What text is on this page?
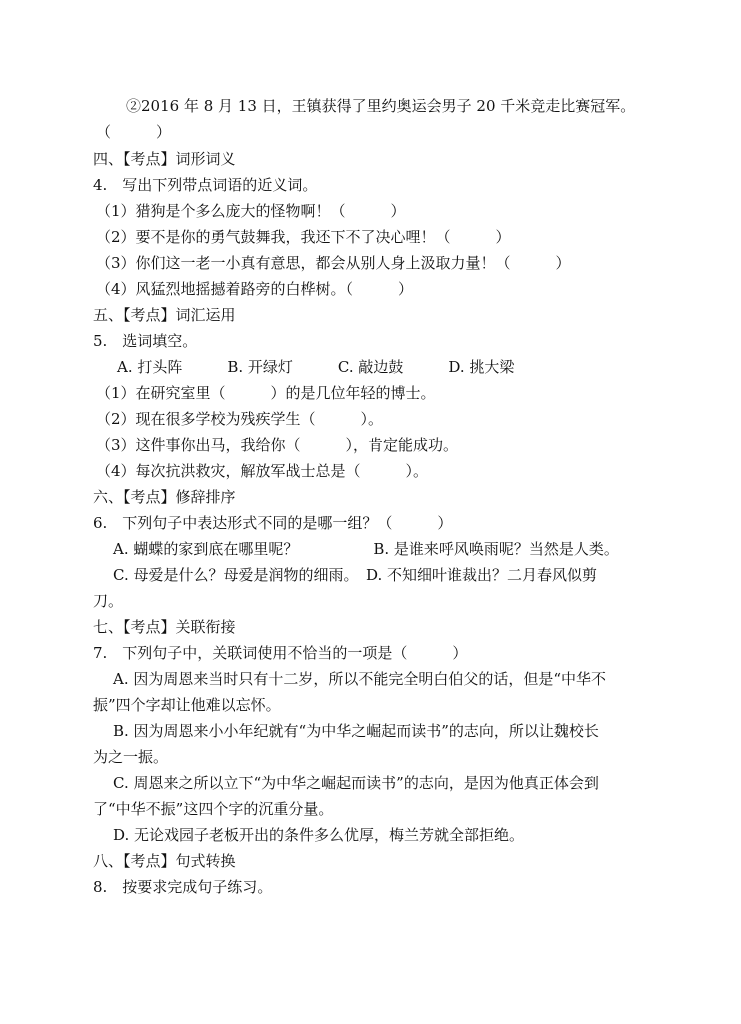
②2016 年 8 月 13 日，王镇获得了里约奥运会男子 20 千米竞走比赛冠军。
（　　　）
四、【考点】词形词义
4.　写出下列带点词语的近义词。
（1）猎狗是个多么庞大的怪物啊！（　　　）
（2）要不是你的勇气鼓舞我，我还下不了决心哩！（　　　）
（3）你们这一老一小真有意思，都会从别人身上汲取力量！（　　　）
（4）风猛烈地摇撼着路旁的白桦树。（　　　）
五、【考点】词汇运用
5.　选词填空。
A. 打头阵　　　B. 开绿灯　　　C. 敲边鼓　　　D. 挑大梁
（1）在研究室里（　　　）的是几位年轻的博士。
（2）现在很多学校为残疾学生（　　　）。
（3）这件事你出马，我给你（　　　），肯定能成功。
（4）每次抗洪救灾，解放军战士总是（　　　）。
六、【考点】修辞排序
6.　下列句子中表达形式不同的是哪一组？（　　　）
A. 蝴蝶的家到底在哪里呢？　　　　　B. 是谁来呼风唤雨呢？当然是人类。
C. 母爱是什么？母爱是润物的细雨。　D. 不知细叶谁裁出？二月春风似剪
刀。
七、【考点】关联衔接
7.　下列句子中，关联词使用不恰当的一项是（　　　）
A. 因为周恩来当时只有十二岁，所以不能完全明白伯父的话，但是“中华不
振”四个字却让他难以忘怀。
B. 因为周恩来小小年纪就有“为中华之崛起而读书”的志向，所以让魏校长
为之一振。
C. 周恩来之所以立下“为中华之崛起而读书”的志向，是因为他真正体会到
了“中华不振”这四个字的沉重分量。
D. 无论戏园子老板开出的条件多么优厚，梅兰芳就全部拒绝。
八、【考点】句式转换
8.　按要求完成句子练习。
